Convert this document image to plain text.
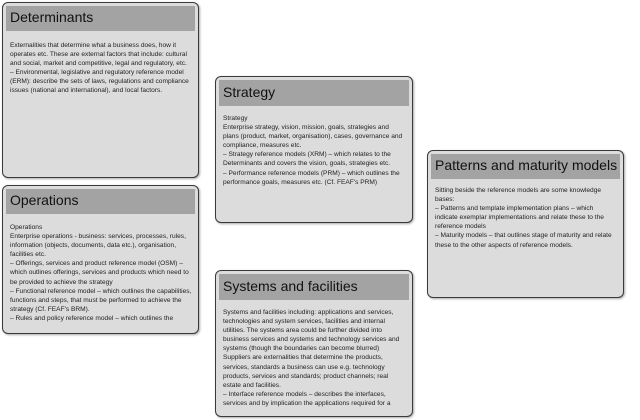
Determinants

Externalities that determine what a business does, how it operates etc. These are external factors that include: cultural and social, market and competitive, legal and regulatory, etc.

– Environmental, legislative and regulatory reference model (ERM): describe the sets of laws, regulations and compliance issues (national and international), and local factors.

Operations

Operations

Enterprise operations - business: services, processes, rules, information (objects, documents, data etc.), organisation, facilities etc.

– Offerings, services and product reference model (OSM) – which outlines offerings, services and products which need to be provided to achieve the strategy

– Functional reference model – which outlines the capabilities, functions and steps, that must be performed to achieve the strategy (Cf. FEAF's BRM).

– Rules and policy reference model – which outlines the

Strategy

Strategy

Enterprise strategy, vision, mission, goals, strategies and plans (product, market, organisation), cases, governance and compliance, measures etc.

– Strategy reference models (XRM) – which relates to the Determinants and covers the vision, goals, strategies etc.

– Performance reference models (PRM) – which outlines the performance goals, measures etc. (Cf. FEAF's PRM)

Systems and facilities

Systems and facilities including: applications and services, technologies and system services, facilities and internal utilities. The systems area could be further divided into business services and systems and technology services and systems (though the boundaries can become blurred)

Suppliers are externalities that determine the products, services, standards a business can use e.g. technology products, services and standards; product channels; real estate and facilities.

– Interface reference models – describes the interfaces, services and by implication the applications required for a

Patterns and maturity models

Sitting beside the reference models are some knowledge bases:

– Patterns and template implementation plans – which indicate exemplar implementations and relate these to the reference models

– Maturity models – that outlines stage of maturity and relate these to the other aspects of reference models.
